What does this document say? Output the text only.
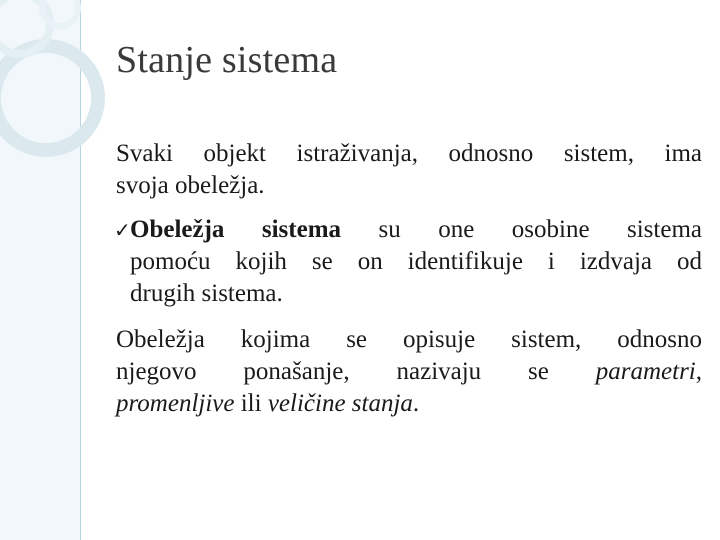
Stanje sistema
Svaki objekt istraživanja, odnosno sistem, ima
svoja obeležja.
✓ Obeležja sistema su one osobine sistema
pomoću kojih se on identifikuje i izdvaja od
drugih sistema.
Obeležja kojima se opisuje sistem, odnosno
njegovo ponašanje, nazivaju se parametri,
promenljive ili veličine stanja.
